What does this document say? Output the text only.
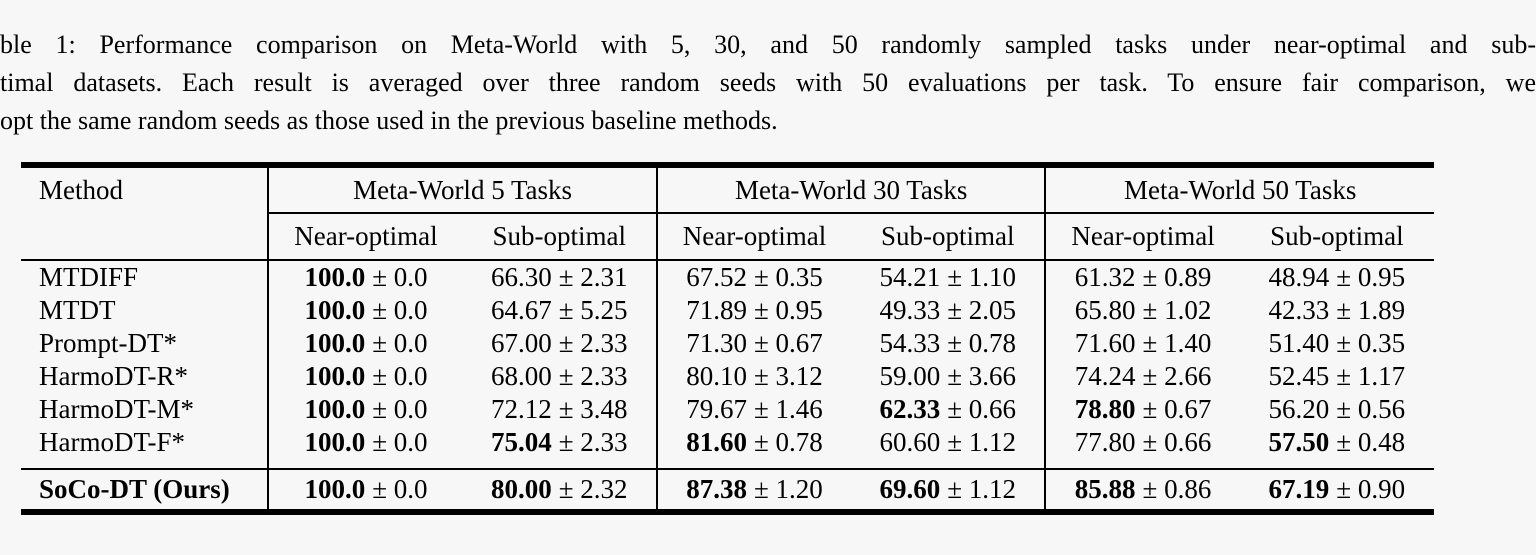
ble 1: Performance comparison on Meta-World with 5, 30, and 50 randomly sampled tasks under near-optimal and sub-
timal datasets. Each result is averaged over three random seeds with 50 evaluations per task. To ensure fair comparison, we
opt the same random seeds as those used in the previous baseline methods.
Method	Meta-World 5 Tasks		Meta-World 30 Tasks		Meta-World 50 Tasks	
	Near-optimal	Sub-optimal	Near-optimal	Sub-optimal	Near-optimal	Sub-optimal
MTDIFF	100.0 ± 0.0	66.30 ± 2.31	67.52 ± 0.35	54.21 ± 1.10	61.32 ± 0.89	48.94 ± 0.95
MTDT	100.0 ± 0.0	64.67 ± 5.25	71.89 ± 0.95	49.33 ± 2.05	65.80 ± 1.02	42.33 ± 1.89
Prompt-DT*	100.0 ± 0.0	67.00 ± 2.33	71.30 ± 0.67	54.33 ± 0.78	71.60 ± 1.40	51.40 ± 0.35
HarmoDT-R*	100.0 ± 0.0	68.00 ± 2.33	80.10 ± 3.12	59.00 ± 3.66	74.24 ± 2.66	52.45 ± 1.17
HarmoDT-M*	100.0 ± 0.0	72.12 ± 3.48	79.67 ± 1.46	62.33 ± 0.66	78.80 ± 0.67	56.20 ± 0.56
HarmoDT-F*	100.0 ± 0.0	75.04 ± 2.33	81.60 ± 0.78	60.60 ± 1.12	77.80 ± 0.66	57.50 ± 0.48
SoCo-DT (Ours)	100.0 ± 0.0	80.00 ± 2.32	87.38 ± 1.20	69.60 ± 1.12	85.88 ± 0.86	67.19 ± 0.90
